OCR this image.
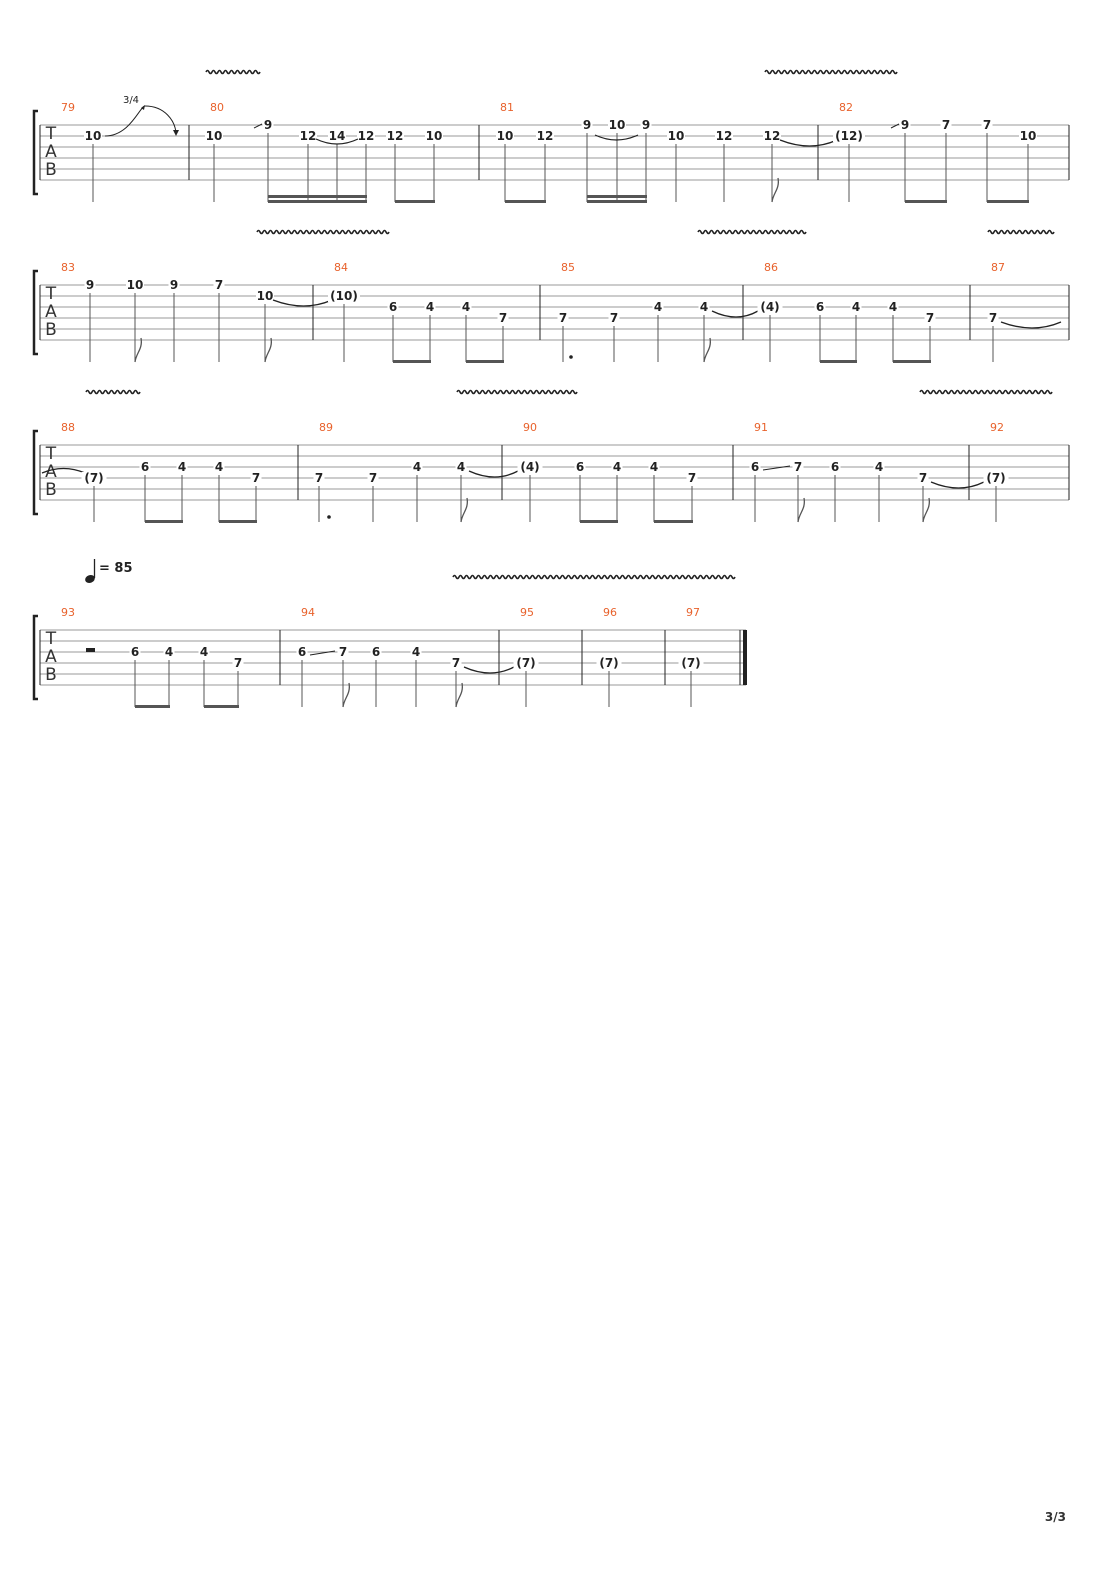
T
A
B
79
10
3/4
80
10
9
12 14 12 12 10
81
10 12
9 10 9
10	12	12
82
(12)
9	7	7
10
T
A
B
83
9	10 9	7
10
84
(10)
6 4 4
7
85
7	7
4	4
86
(4)	6 4 4
7
87
7
T
A
B
88
(7)
6 4 4
7
89
7	7
4	4
90
(4)	6 4 4
7
91
6	7 6	4
7
92
(7)
T
A
B
= 85
93
6 4 4
7
94
6	7 6	4
7
95
(7)
96
(7)
97
(7)
3/3
